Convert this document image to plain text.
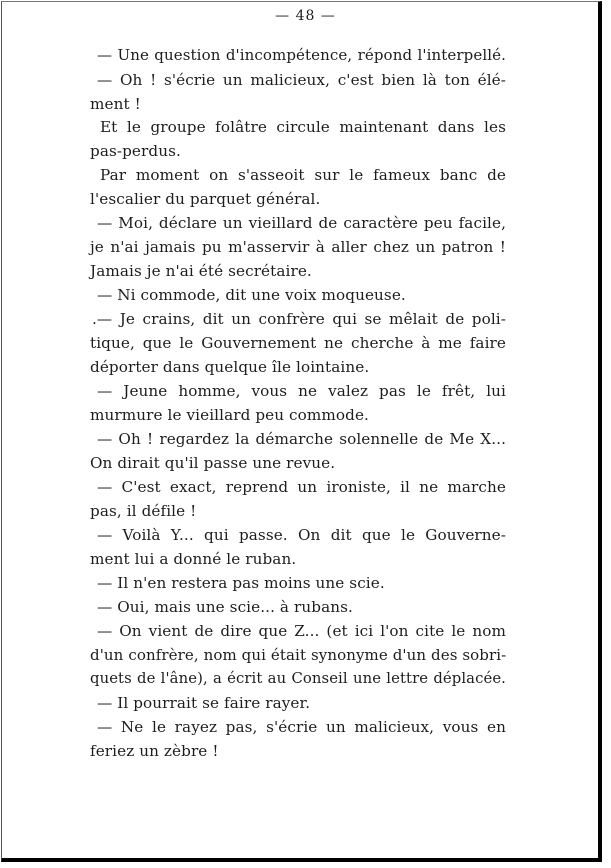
— 48 —
— Une question d'incompétence, répond l'interpellé.
— Oh ! s'écrie un malicieux, c'est bien là ton élé-
ment !
Et le groupe folâtre circule maintenant dans les
pas-perdus.
Par moment on s'asseoit sur le fameux banc de
l'escalier du parquet général.
— Moi, déclare un vieillard de caractère peu facile,
je n'ai jamais pu m'asservir à aller chez un patron !
Jamais je n'ai été secrétaire.
— Ni commode, dit une voix moqueuse.
.— Je crains, dit un confrère qui se mêlait de poli-
tique, que le Gouvernement ne cherche à me faire
déporter dans quelque île lointaine.
— Jeune homme, vous ne valez pas le frêt, lui
murmure le vieillard peu commode.
— Oh ! regardez la démarche solennelle de Me X...
On dirait qu'il passe une revue.
— C'est exact, reprend un ironiste, il ne marche
pas, il défile !
— Voilà Y... qui passe. On dit que le Gouverne-
ment lui a donné le ruban.
— Il n'en restera pas moins une scie.
— Oui, mais une scie... à rubans.
— On vient de dire que Z... (et ici l'on cite le nom
d'un confrère, nom qui était synonyme d'un des sobri-
quets de l'âne), a écrit au Conseil une lettre déplacée.
— Il pourrait se faire rayer.
— Ne le rayez pas, s'écrie un malicieux, vous en
feriez un zèbre !
